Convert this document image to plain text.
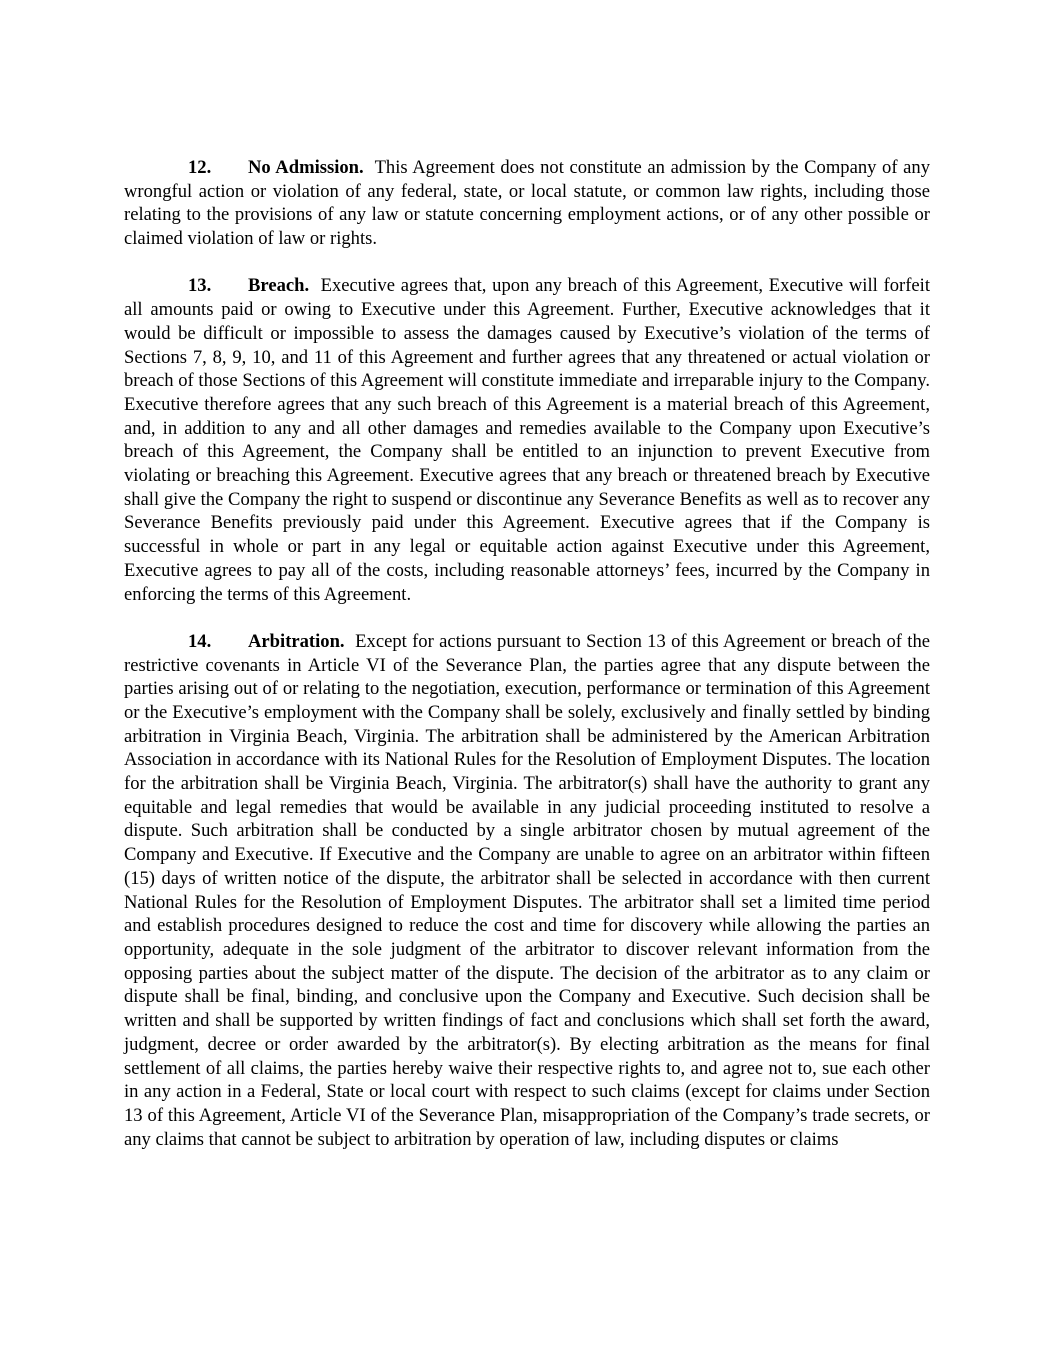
12. No Admission. This Agreement does not constitute an admission by the Company of any wrongful action or violation of any federal, state, or local statute, or common law rights, including those relating to the provisions of any law or statute concerning employment actions, or of any other possible or claimed violation of law or rights.

13. Breach. Executive agrees that, upon any breach of this Agreement, Executive will forfeit all amounts paid or owing to Executive under this Agreement. Further, Executive acknowledges that it would be difficult or impossible to assess the damages caused by Executive’s violation of the terms of Sections 7, 8, 9, 10, and 11 of this Agreement and further agrees that any threatened or actual violation or breach of those Sections of this Agreement will constitute immediate and irreparable injury to the Company. Executive therefore agrees that any such breach of this Agreement is a material breach of this Agreement, and, in addition to any and all other damages and remedies available to the Company upon Executive’s breach of this Agreement, the Company shall be entitled to an injunction to prevent Executive from violating or breaching this Agreement. Executive agrees that any breach or threatened breach by Executive shall give the Company the right to suspend or discontinue any Severance Benefits as well as to recover any Severance Benefits previously paid under this Agreement. Executive agrees that if the Company is successful in whole or part in any legal or equitable action against Executive under this Agreement, Executive agrees to pay all of the costs, including reasonable attorneys’ fees, incurred by the Company in enforcing the terms of this Agreement.

14. Arbitration. Except for actions pursuant to Section 13 of this Agreement or breach of the restrictive covenants in Article VI of the Severance Plan, the parties agree that any dispute between the parties arising out of or relating to the negotiation, execution, performance or termination of this Agreement or the Executive’s employment with the Company shall be solely, exclusively and finally settled by binding arbitration in Virginia Beach, Virginia. The arbitration shall be administered by the American Arbitration Association in accordance with its National Rules for the Resolution of Employment Disputes. The location for the arbitration shall be Virginia Beach, Virginia. The arbitrator(s) shall have the authority to grant any equitable and legal remedies that would be available in any judicial proceeding instituted to resolve a dispute. Such arbitration shall be conducted by a single arbitrator chosen by mutual agreement of the Company and Executive. If Executive and the Company are unable to agree on an arbitrator within fifteen (15) days of written notice of the dispute, the arbitrator shall be selected in accordance with then current National Rules for the Resolution of Employment Disputes. The arbitrator shall set a limited time period and establish procedures designed to reduce the cost and time for discovery while allowing the parties an opportunity, adequate in the sole judgment of the arbitrator to discover relevant information from the opposing parties about the subject matter of the dispute. The decision of the arbitrator as to any claim or dispute shall be final, binding, and conclusive upon the Company and Executive. Such decision shall be written and shall be supported by written findings of fact and conclusions which shall set forth the award, judgment, decree or order awarded by the arbitrator(s). By electing arbitration as the means for final settlement of all claims, the parties hereby waive their respective rights to, and agree not to, sue each other in any action in a Federal, State or local court with respect to such claims (except for claims under Section 13 of this Agreement, Article VI of the Severance Plan, misappropriation of the Company’s trade secrets, or any claims that cannot be subject to arbitration by operation of law, including disputes or claims
